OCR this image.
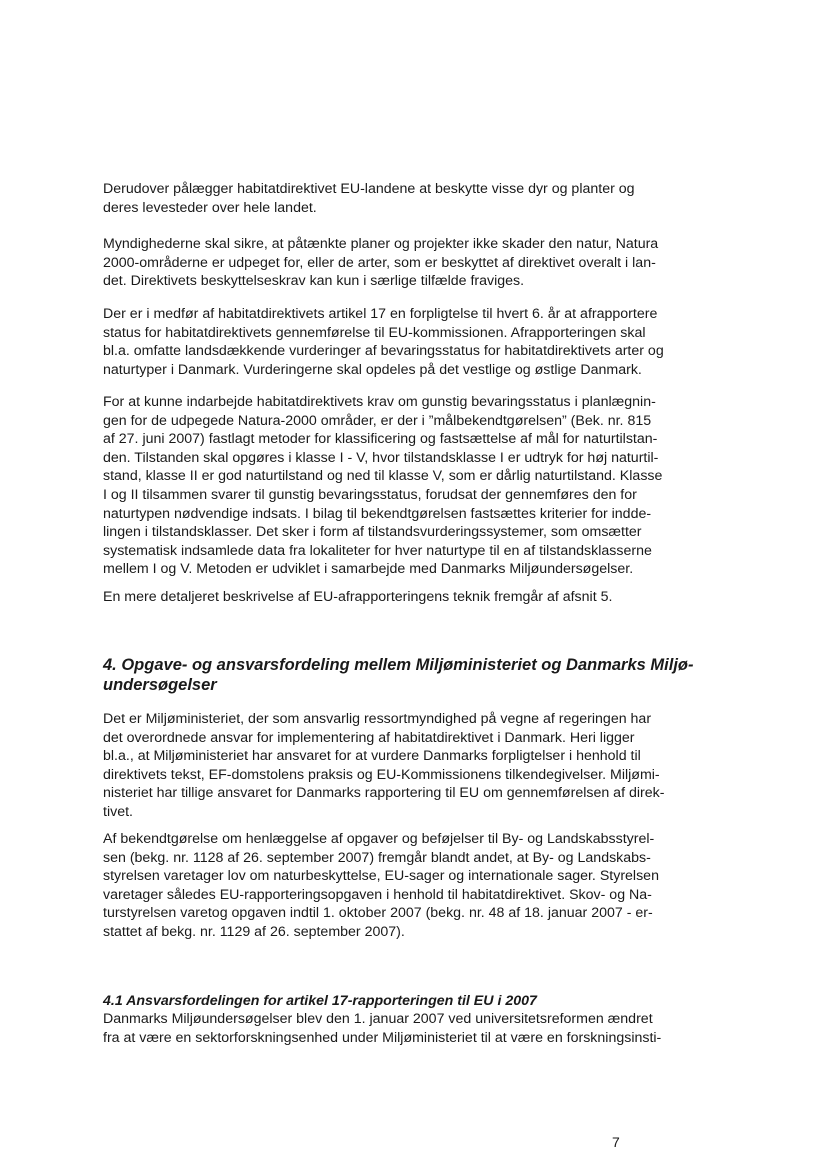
Derudover pålægger habitatdirektivet EU-landene at beskytte visse dyr og planter og
deres levesteder over hele landet.

Myndighederne skal sikre, at påtænkte planer og projekter ikke skader den natur, Natura
2000-områderne er udpeget for, eller de arter, som er beskyttet af direktivet overalt i lan-
det. Direktivets beskyttelseskrav kan kun i særlige tilfælde fraviges.

Der er i medfør af habitatdirektivets artikel 17 en forpligtelse til hvert 6. år at afrapportere
status for habitatdirektivets gennemførelse til EU-kommissionen. Afrapporteringen skal
bl.a. omfatte landsdækkende vurderinger af bevaringsstatus for habitatdirektivets arter og
naturtyper i Danmark. Vurderingerne skal opdeles på det vestlige og østlige Danmark.

For at kunne indarbejde habitatdirektivets krav om gunstig bevaringsstatus i planlægnin-
gen for de udpegede Natura-2000 områder, er der i ”målbekendtgørelsen” (Bek. nr. 815
af 27. juni 2007) fastlagt metoder for klassificering og fastsættelse af mål for naturtilstan-
den. Tilstanden skal opgøres i klasse I - V, hvor tilstandsklasse I er udtryk for høj naturtil-
stand, klasse II er god naturtilstand og ned til klasse V, som er dårlig naturtilstand. Klasse
I og II tilsammen svarer til gunstig bevaringsstatus, forudsat der gennemføres den for
naturtypen nødvendige indsats. I bilag til bekendtgørelsen fastsættes kriterier for indde-
lingen i tilstandsklasser. Det sker i form af tilstandsvurderingssystemer, som omsætter
systematisk indsamlede data fra lokaliteter for hver naturtype til en af tilstandsklasserne
mellem I og V. Metoden er udviklet i samarbejde med Danmarks Miljøundersøgelser.

En mere detaljeret beskrivelse af EU-afrapporteringens teknik fremgår af afsnit 5.

4. Opgave- og ansvarsfordeling mellem Miljøministeriet og Danmarks Miljø-
undersøgelser

Det er Miljøministeriet, der som ansvarlig ressortmyndighed på vegne af regeringen har
det overordnede ansvar for implementering af habitatdirektivet i Danmark. Heri ligger
bl.a., at Miljøministeriet har ansvaret for at vurdere Danmarks forpligtelser i henhold til
direktivets tekst, EF-domstolens praksis og EU-Kommissionens tilkendegivelser. Miljømi-
nisteriet har tillige ansvaret for Danmarks rapportering til EU om gennemførelsen af direk-
tivet.

Af bekendtgørelse om henlæggelse af opgaver og beføjelser til By- og Landskabsstyrel-
sen (bekg. nr. 1128 af 26. september 2007) fremgår blandt andet, at By- og Landskabs-
styrelsen varetager lov om naturbeskyttelse, EU-sager og internationale sager. Styrelsen
varetager således EU-rapporteringsopgaven i henhold til habitatdirektivet. Skov- og Na-
turstyrelsen varetog opgaven indtil 1. oktober 2007 (bekg. nr. 48 af 18. januar 2007 - er-
stattet af bekg. nr. 1129 af 26. september 2007).

4.1 Ansvarsfordelingen for artikel 17-rapporteringen til EU i 2007

Danmarks Miljøundersøgelser blev den 1. januar 2007 ved universitetsreformen ændret
fra at være en sektorforskningsenhed under Miljøministeriet til at være en forskningsinsti-

7
